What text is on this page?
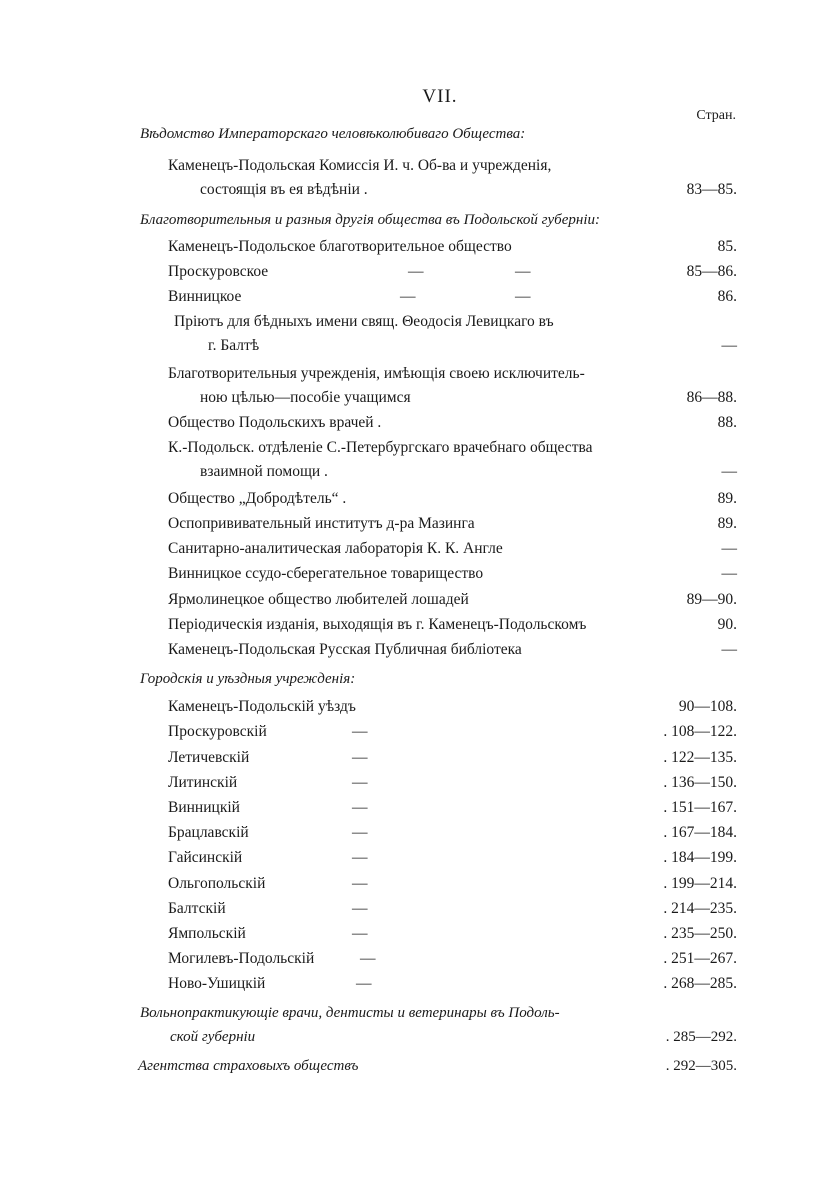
VII.
Стран.
Вѣдомство Императорскаго человѣколюбиваго Общества:
Каменецъ-Подольская Комиссія И. ч. Об-ва и учрежденія,
состоящія въ ея вѣдѣніи .	83—85.
Благотворительныя и разныя другія общества въ Подольской губерніи:
Каменецъ-Подольское благотворительное общество	85.
Проскуровское	—	—	85—86.
Винницкое	—	—	86.
Пріютъ для бѣдныхъ имени свящ. Θеодосія Левицкаго въ
г. Балтѣ	—
Благотворительныя учрежденія, имѣющія своею исключитель-
ною цѣлью—пособіе учащимся	86—88.
Общество Подольскихъ врачей .	88.
К.-Подольск. отдѣленіе С.-Петербургскаго врачебнаго общества
взаимной помощи .	—
Общество „Добродѣтель“ .	89.
Оспопрививательный институтъ д-ра Мазинга	89.
Санитарно-аналитическая лабораторія К. К. Англе	—
Винницкое ссудо-сберегательное товарищество	—
Ярмолинецкое общество любителей лошадей	89—90.
Періодическія изданія, выходящія въ г. Каменецъ-Подольскомъ	90.
Каменецъ-Подольская Русская Публичная библіотека	—
Городскія и уѣздныя учрежденія:
Каменецъ-Подольскій уѣздъ	90—108.
Проскуровскій	—	. 108—122.
Летичевскій	—	. 122—135.
Литинскій	—	. 136—150.
Винницкій	—	. 151—167.
Брацлавскій	—	. 167—184.
Гайсинскій	—	. 184—199.
Ольгопольскій	—	. 199—214.
Балтскій	—	. 214—235.
Ямпольскій	—	. 235—250.
Могилевъ-Подольскій	—	. 251—267.
Ново-Ушицкій	—	. 268—285.
Вольнопрактикующіе врачи, дентисты и ветеринары въ Подоль-
ской губерніи	. 285—292.
Агентства страховыхъ обществъ	. 292—305.
